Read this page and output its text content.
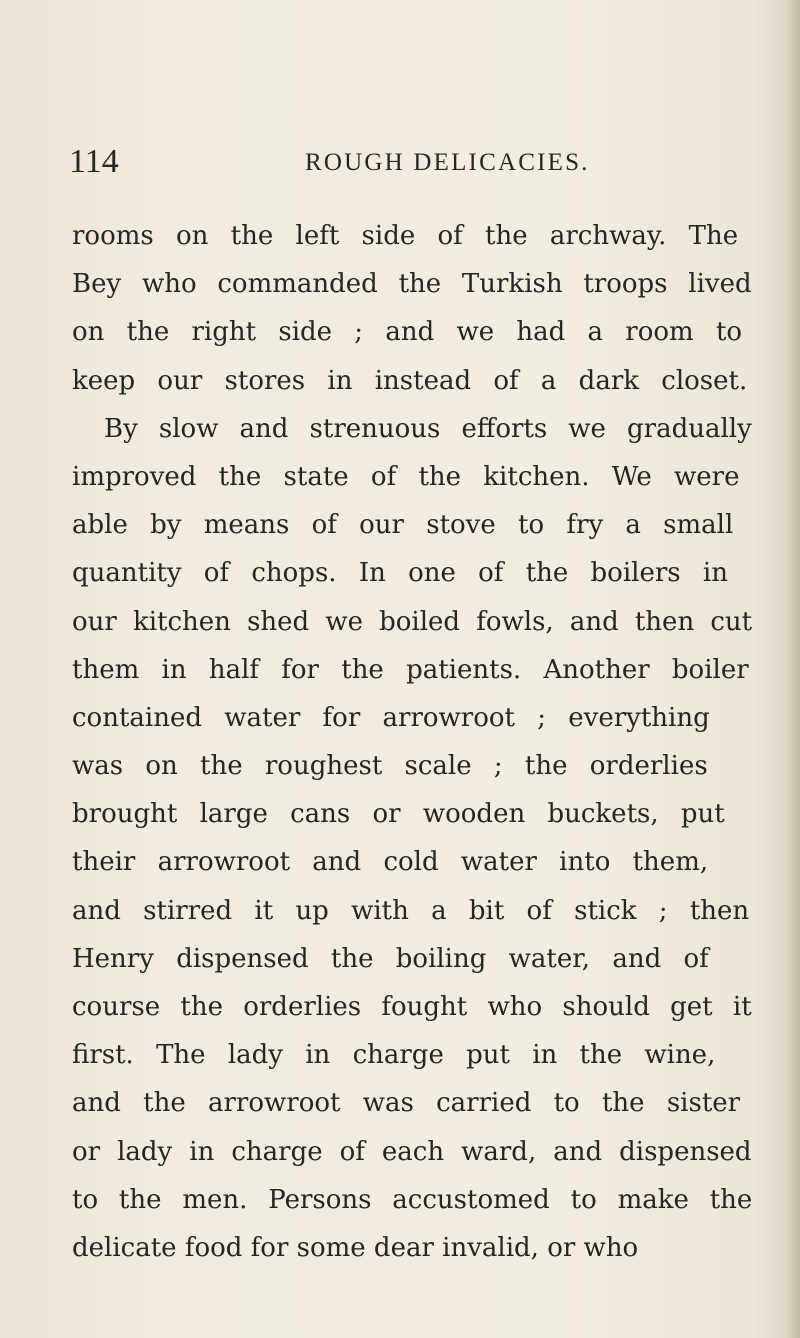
114	ROUGH DELICACIES.
rooms on the left side of the archway. The
Bey who commanded the Turkish troops lived
on the right side ; and we had a room to
keep our stores in instead of a dark closet.
By slow and strenuous efforts we gradually
improved the state of the kitchen. We were
able by means of our stove to fry a small
quantity of chops. In one of the boilers in
our kitchen shed we boiled fowls, and then cut
them in half for the patients. Another boiler
contained water for arrowroot ; everything
was on the roughest scale ; the orderlies
brought large cans or wooden buckets, put
their arrowroot and cold water into them,
and stirred it up with a bit of stick ; then
Henry dispensed the boiling water, and of
course the orderlies fought who should get it
first. The lady in charge put in the wine,
and the arrowroot was carried to the sister
or lady in charge of each ward, and dispensed
to the men. Persons accustomed to make the
delicate food for some dear invalid, or who
